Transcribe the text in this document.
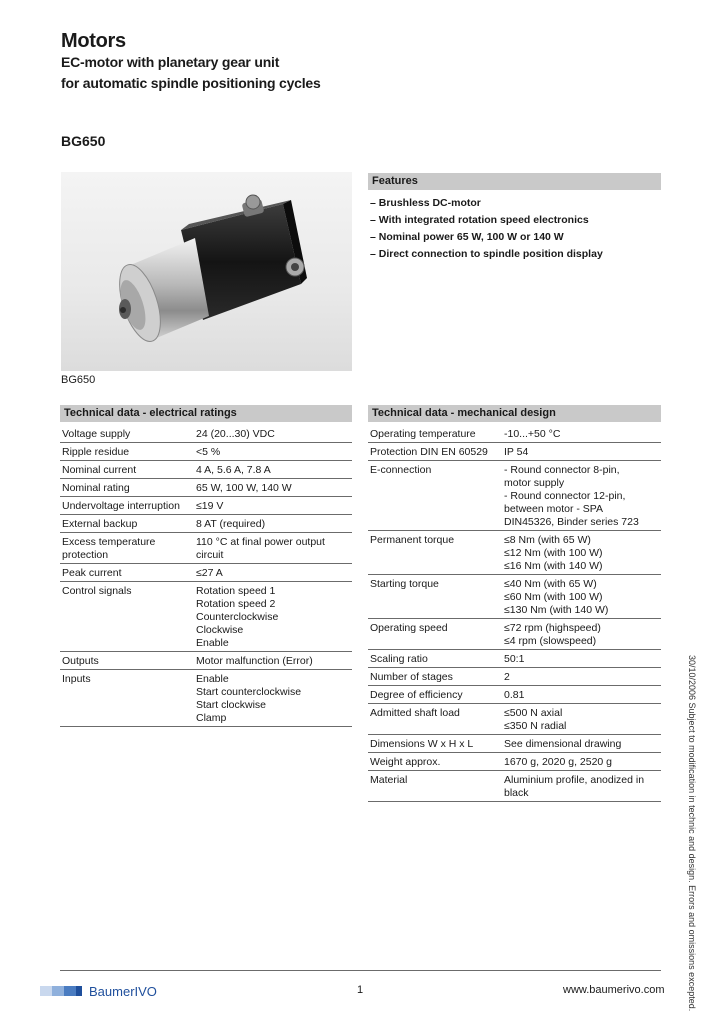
Motors
EC-motor with planetary gear unit
for automatic spindle positioning cycles
BG650
BG650
Features
– Brushless DC-motor
– With integrated rotation speed electronics
– Nominal power 65 W, 100 W or 140 W
– Direct connection to spindle position display
Technical data - electrical ratings
Voltage supply	24 (20...30) VDC

Ripple residue	<5 %

Nominal current	4 A, 5.6 A, 7.8 A

Nominal rating	65 W, 100 W, 140 W

Undervoltage interruption	≤19 V

External backup	8 AT (required)

Excess temperature protection	110 °C at final power output circuit

Peak current	≤27 A

Control signals	Rotation speed 1
Rotation speed 2
Counterclockwise
Clockwise
Enable

Outputs	Motor malfunction (Error)

Inputs	Enable
Start counterclockwise
Start clockwise
Clamp
Technical data - mechanical design
Operating temperature	-10...+50 °C

Protection DIN EN 60529	IP 54

E-connection	- Round connector 8-pin,
motor supply
- Round connector 12-pin,
between motor - SPA
DIN45326, Binder series 723

Permanent torque	≤8 Nm (with 65 W)
≤12 Nm (with 100 W)
≤16 Nm (with 140 W)

Starting torque	≤40 Nm (with 65 W)
≤60 Nm (with 100 W)
≤130 Nm (with 140 W)

Operating speed	≤72 rpm (highspeed)
≤4 rpm (slowspeed)

Scaling ratio	50:1

Number of stages	2

Degree of efficiency	0.81

Admitted shaft load	≤500 N axial
≤350 N radial

Dimensions W x H x L	See dimensional drawing

Weight approx.	1670 g, 2020 g, 2520 g

Material	Aluminium profile, anodized in black
BaumerIVO	1	www.baumerivo.com	30/10/2006 Subject to modification in technic and design. Errors and omissions excepted.
